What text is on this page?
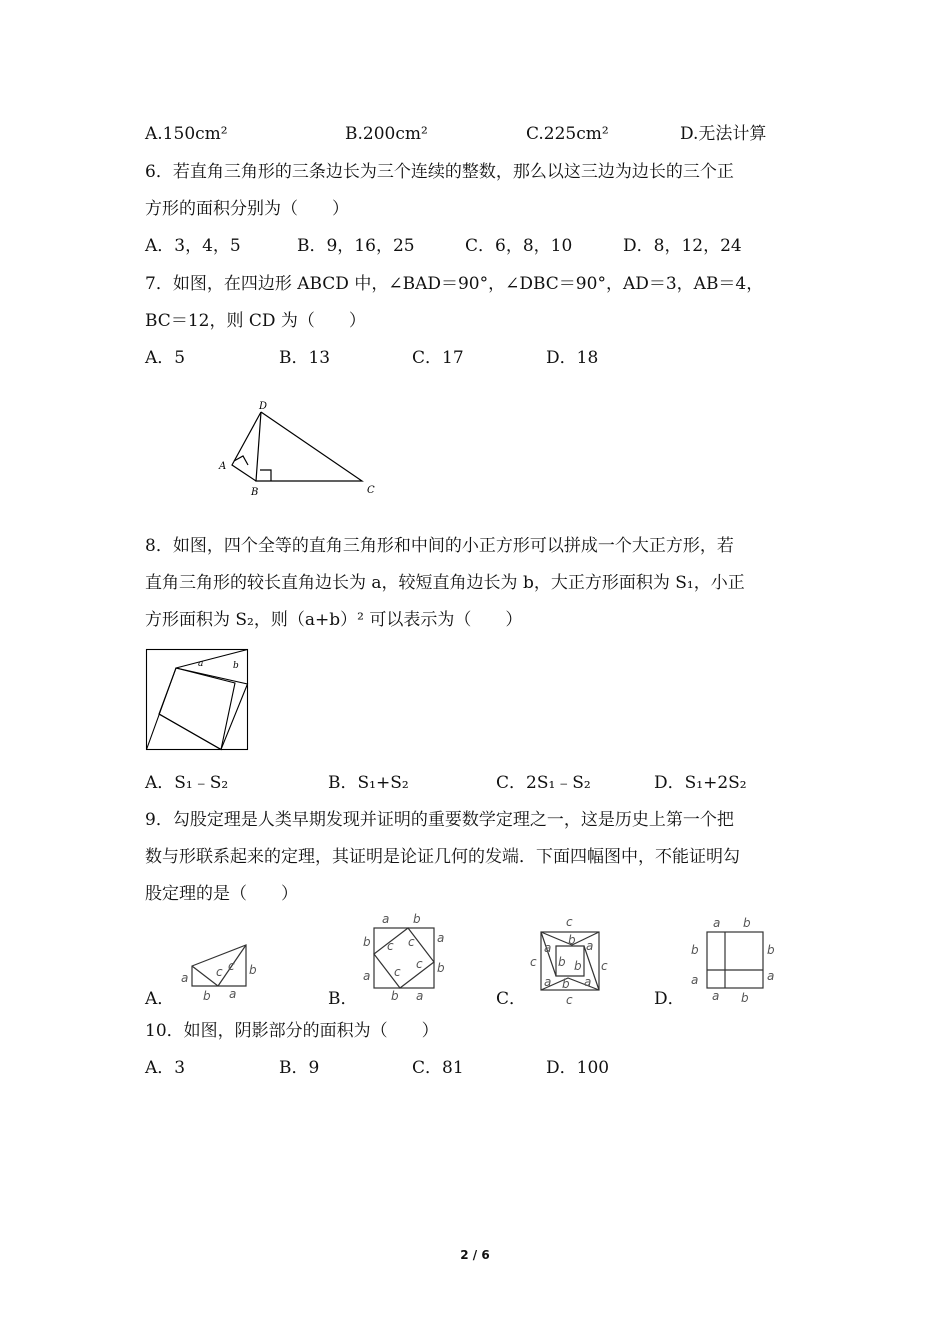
A.150cm²	B.200cm²	C.225cm²	D.无法计算
6．若直角三角形的三条边长为三个连续的整数，那么以这三边为边长的三个正
方形的面积分别为（　　）
A．3，4，5	B．9，16，25	C．6，8，10	D．8，12，24
7．如图，在四边形 ABCD 中，∠BAD＝90°，∠DBC＝90°，AD＝3，AB＝4，
BC＝12，则 CD 为（　　）
A．5	B．13	C．17	D．18
D
A
B	C
8．如图，四个全等的直角三角形和中间的小正方形可以拼成一个大正方形，若
直角三角形的较长直角边长为 a，较短直角边长为 b，大正方形面积为 S₁，小正
方形面积为 S₂，则（a+b）² 可以表示为（　　）
a	b
A．S₁﹣S₂	B．S₁+S₂	C．2S₁﹣S₂	D．S₁+2S₂
9．勾股定理是人类早期发现并证明的重要数学定理之一，这是历史上第一个把
数与形联系起来的定理，其证明是论证几何的发端．下面四幅图中，不能证明勾
股定理的是（　　）
A．	B．	C．	D．
a c c b
b a
a b
b
a
a
b
b a
c c
c
c
c
a
b a
c b b c
a b a
c
a b
b
a
b
a
a b
10．如图，阴影部分的面积为（　　）
A．3	B．9	C．81	D．100
2 / 6
